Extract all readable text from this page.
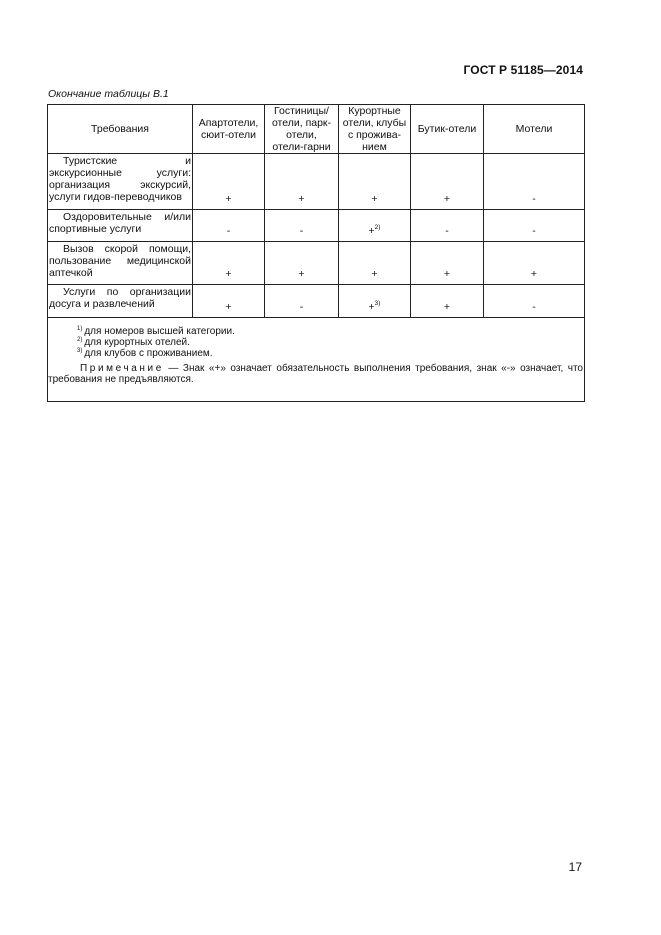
ГОСТ Р 51185—2014
Окончание таблицы В.1
Требования	Апартотели, сюит-отели	Гостиницы/ отели, парк-отели, отели-гарни	Курортные отели, клубы с прожива-нием	Бутик-отели	Мотели

Туристские и экскурсионные услуги: организация экскурсий, услуги гидов-переводчиков	+	+	+	+	-

Оздоровительные и/или спортивные услуги	-	-	+$^{2)}$	-	-

Вызов скорой помощи, пользование медицинской аптечкой	+	+	+	+	+

Услуги по организации досуга и развлечений	+	-	+$^{3)}$	+	-

$^{1)}$ для номеров высшей категории.
$^{2)}$ для курортных отелей.
$^{3)}$ для клубов с проживанием.
Примечание — Знак «+» означает обязательность выполнения требования, знак «-» означает, что требования не предъявляются.					
17
